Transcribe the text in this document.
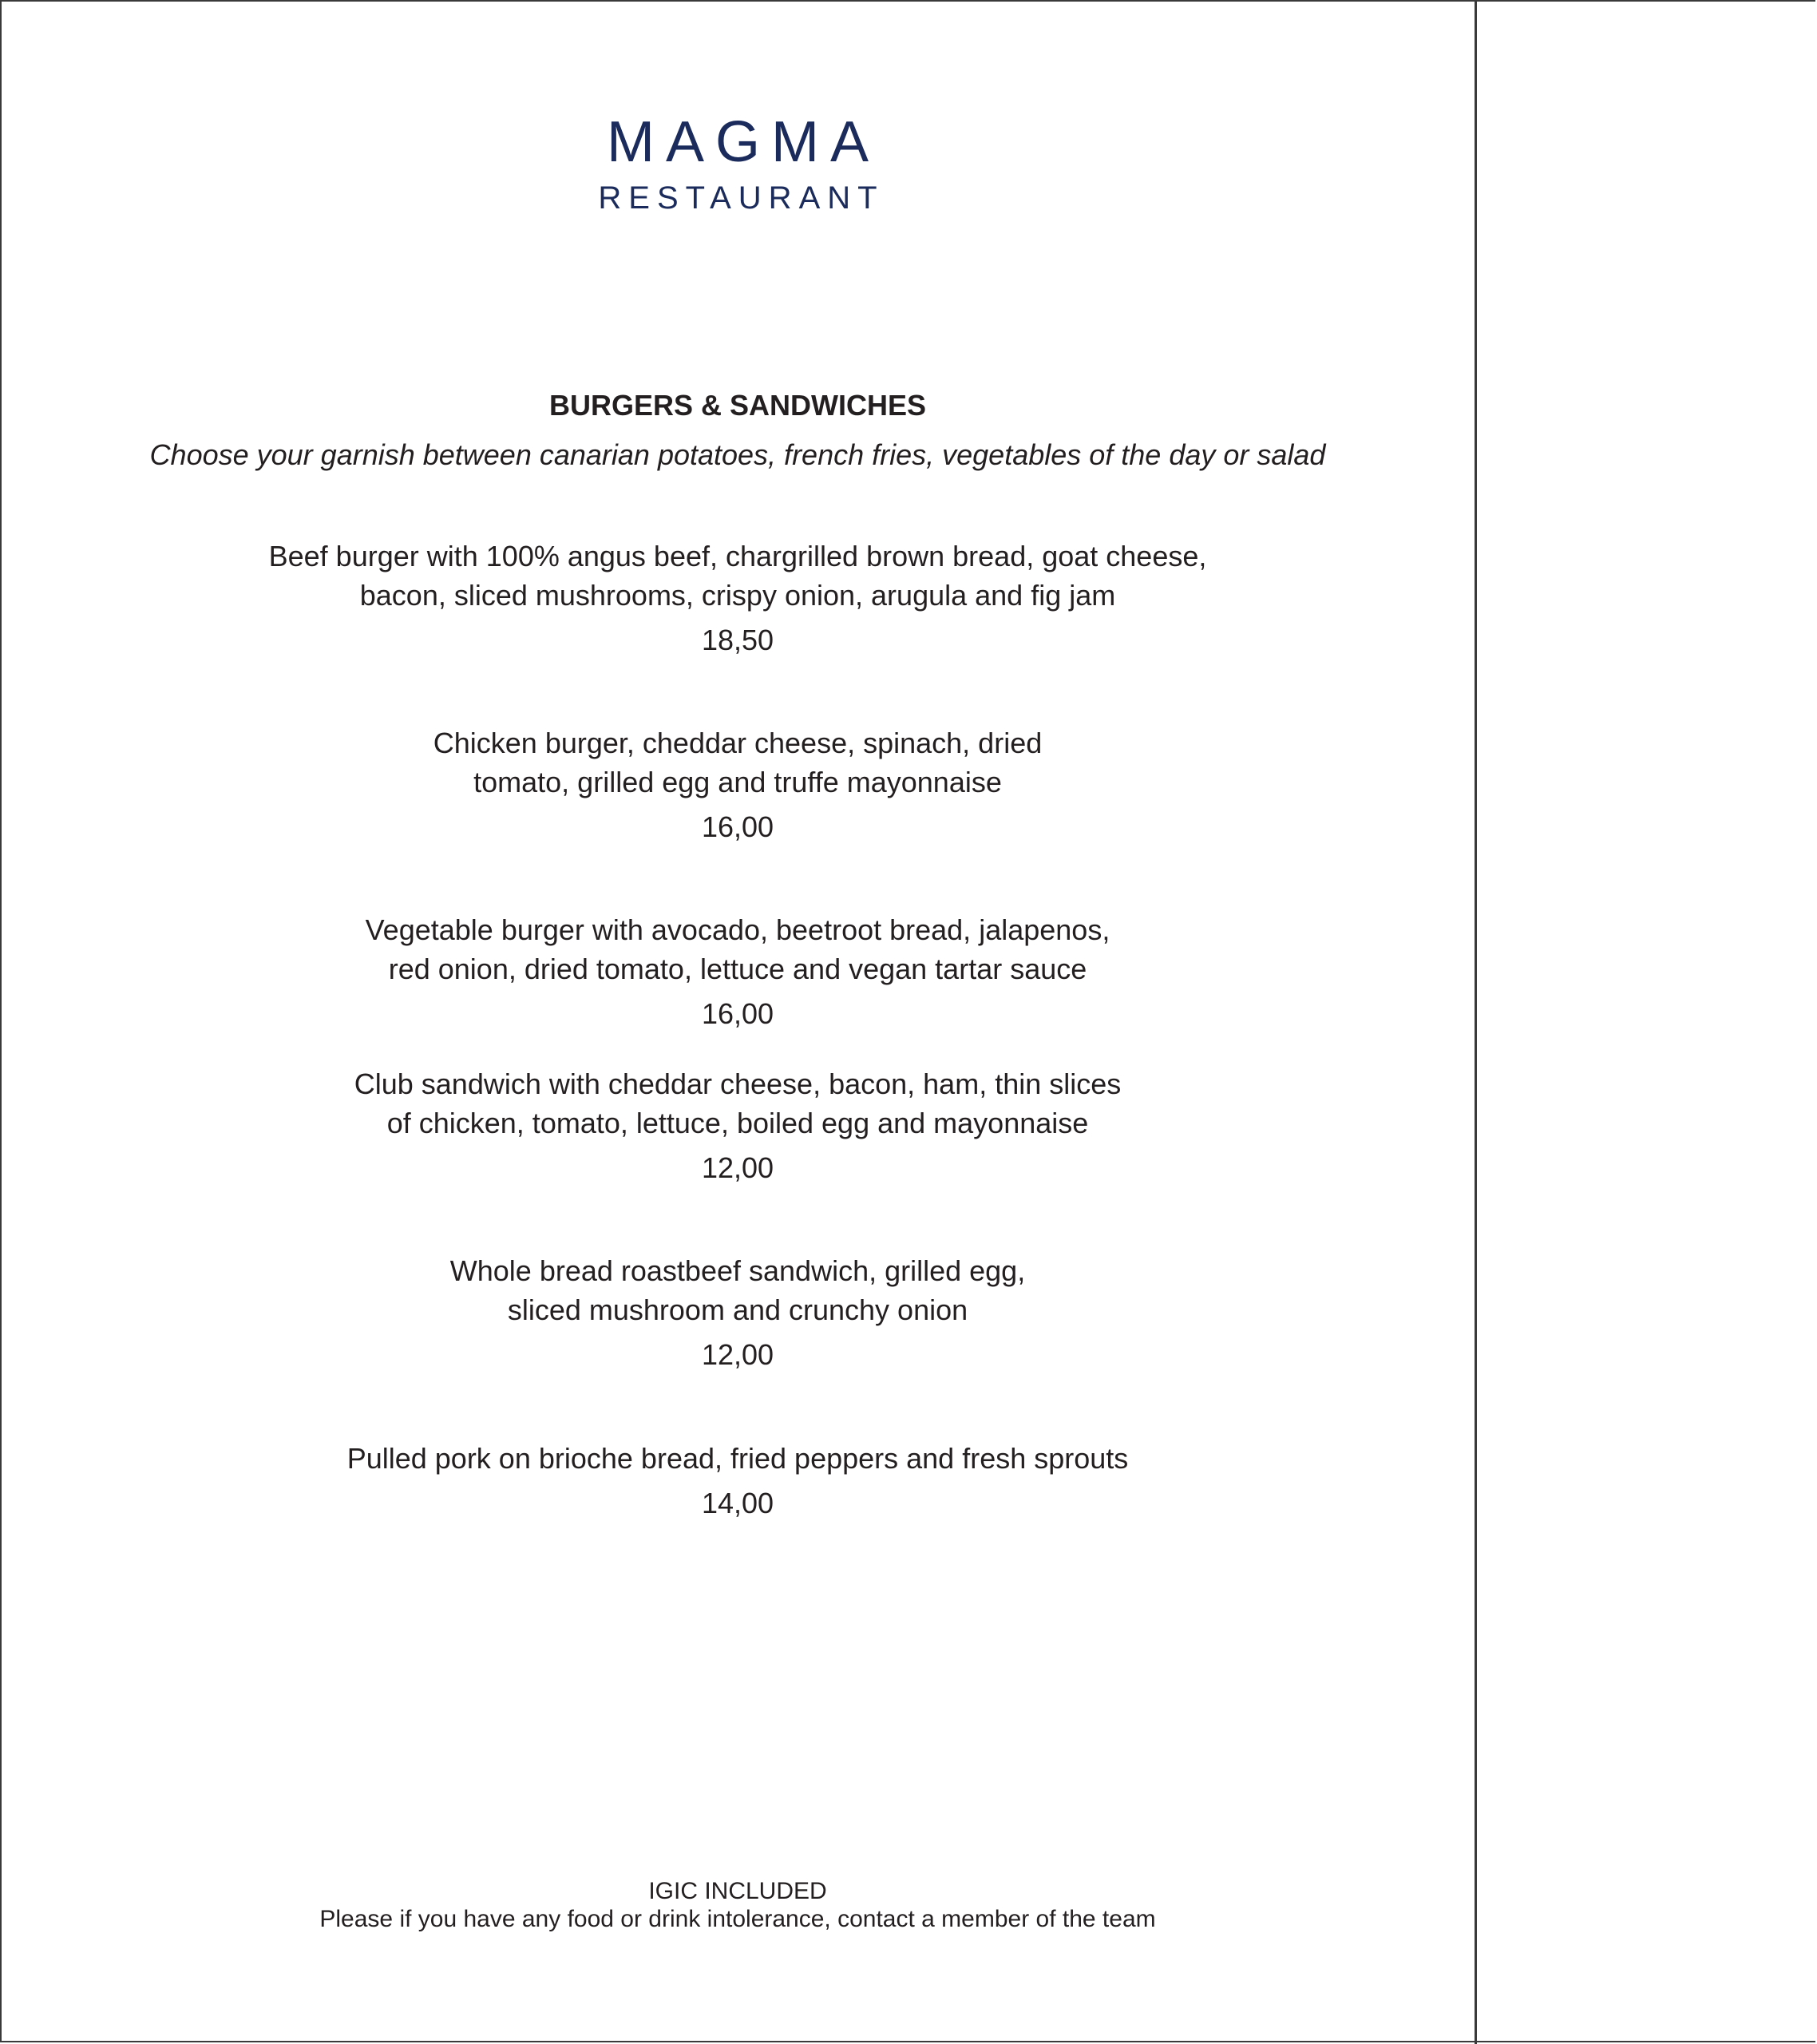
MAGMA
RESTAURANT
BURGERS & SANDWICHES
Choose your garnish between canarian potatoes, french fries, vegetables of the day or salad

Beef burger with 100% angus beef, chargrilled brown bread, goat cheese,
bacon, sliced mushrooms, crispy onion, arugula and fig jam

18,50

Chicken burger, cheddar cheese, spinach, dried
tomato, grilled egg and truffe mayonnaise

16,00

Vegetable burger with avocado, beetroot bread, jalapenos,
red onion, dried tomato, lettuce and vegan tartar sauce

16,00

Club sandwich with cheddar cheese, bacon, ham, thin slices
of chicken, tomato, lettuce, boiled egg and mayonnaise

12,00

Whole bread roastbeef sandwich, grilled egg,
sliced mushroom and crunchy onion

12,00

Pulled pork on brioche bread, fried peppers and fresh sprouts

14,00
IGIC INCLUDED
Please if you have any food or drink intolerance, contact a member of the team
